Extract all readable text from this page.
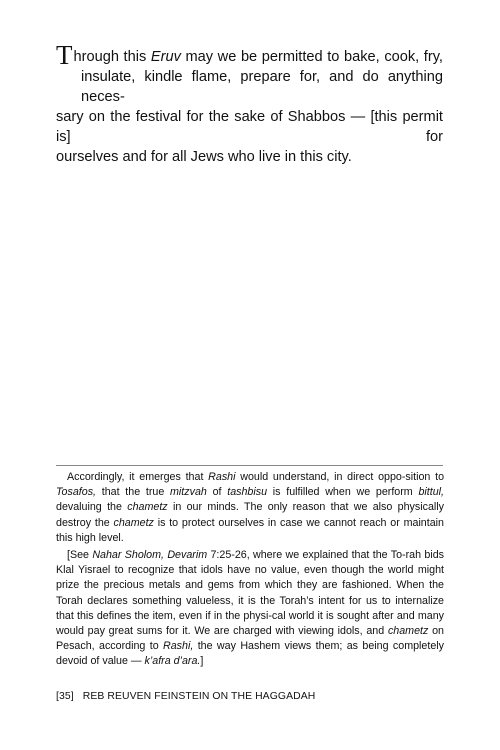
Through this Eruv may we be permitted to bake, cook, fry,
insulate, kindle flame, prepare for, and do anything neces-
sary on the festival for the sake of Shabbos — [this permit is] for
ourselves and for all Jews who live in this city.

Accordingly, it emerges that Rashi would understand, in direct oppo-sition to Tosafos, that the true mitzvah of tashbisu is fulfilled when we perform bittul, devaluing the chametz in our minds. The only reason that we also physically destroy the chametz is to protect ourselves in case we cannot reach or maintain this high level.

[See Nahar Sholom, Devarim 7:25-26, where we explained that the To-rah bids Klal Yisrael to recognize that idols have no value, even though the world might prize the precious metals and gems from which they are fashioned. When the Torah declares something valueless, it is the Torah’s intent for us to internalize that this defines the item, even if in the physi-cal world it is sought after and many would pay great sums for it. We are charged with viewing idols, and chametz on Pesach, according to Rashi, the way Hashem views them; as being completely devoid of value — k’afra d’ara.]

[35] REB REUVEN FEINSTEIN ON THE HAGGADAH
